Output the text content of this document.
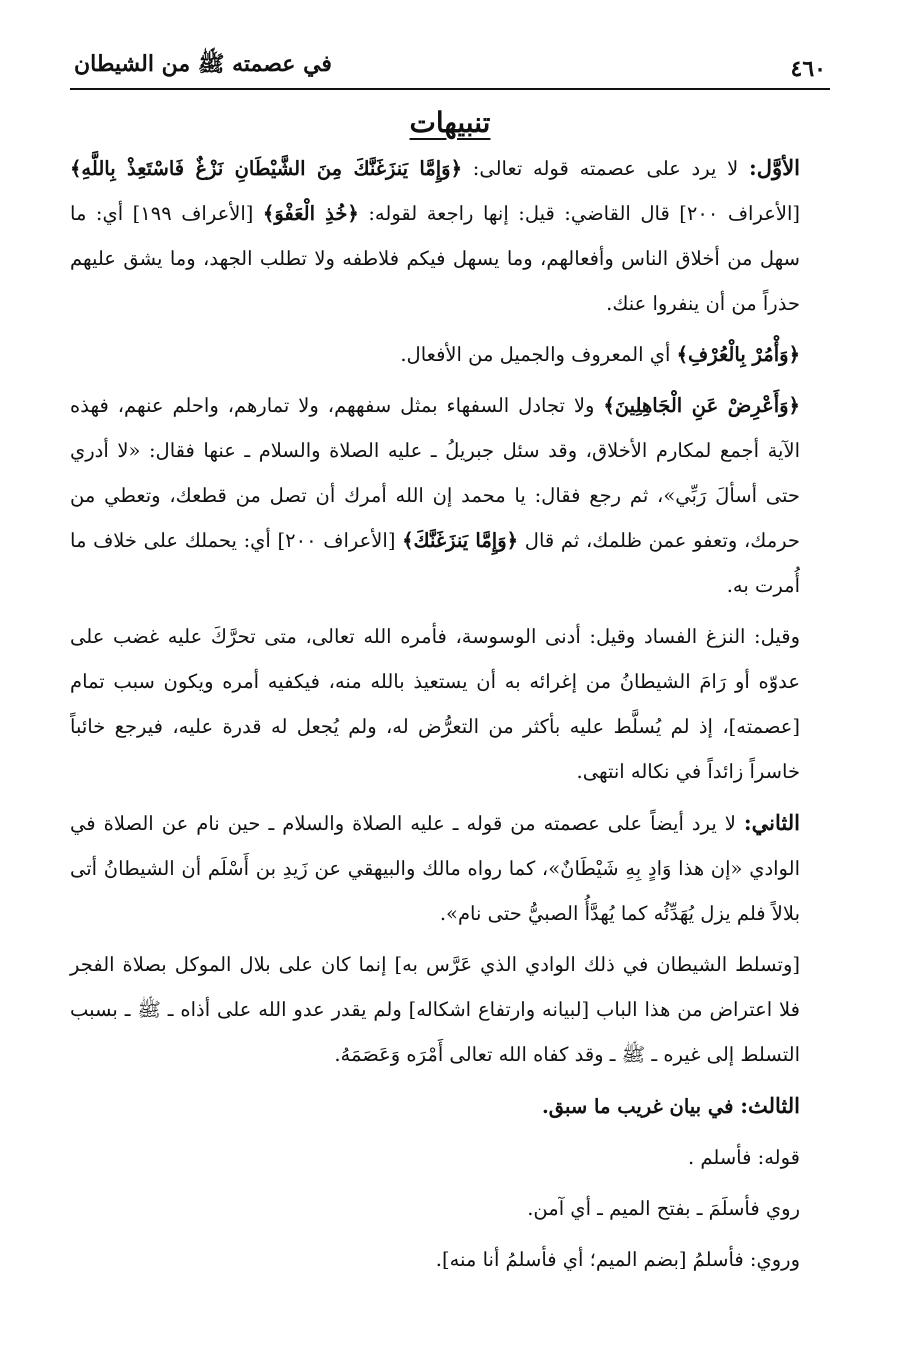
٤٦٠
في عصمته ﷺ من الشيطان
تنبيهات

الأوَّل: لا يرد على عصمته قوله تعالى: ﴿وَإِمَّا يَنزَغَنَّكَ مِنَ الشَّيْطَانِ نَزْغٌ فَاسْتَعِذْ بِاللَّهِ﴾ [الأعراف ٢٠٠] قال القاضي: قيل: إنها راجعة لقوله: ﴿خُذِ الْعَفْوَ﴾ [الأعراف ١٩٩] أي: ما سهل من أخلاق الناس وأفعالهم، وما يسهل فيكم فلاطفه ولا تطلب الجهد، وما يشق عليهم حذراً من أن ينفروا عنك.

﴿وَأْمُرْ بِالْعُرْفِ﴾ أي المعروف والجميل من الأفعال.

﴿وَأَعْرِضْ عَنِ الْجَاهِلِينَ﴾ ولا تجادل السفهاء بمثل سفههم، ولا تمارهم، واحلم عنهم، فهذه الآية أجمع لمكارم الأخلاق، وقد سئل جبريلُ ـ عليه الصلاة والسلام ـ عنها فقال: «لا أدري حتى أسألَ رَبِّي»، ثم رجع فقال: يا محمد إن الله أمرك أن تصل من قطعك، وتعطي من حرمك، وتعفو عمن ظلمك، ثم قال ﴿وَإِمَّا يَنزَغَنَّكَ﴾ [الأعراف ٢٠٠] أي: يحملك على خلاف ما أُمرت به.

وقيل: النزغ الفساد وقيل: أدنى الوسوسة، فأمره الله تعالى، متى تحرَّكَ عليه غضب على عدوّه أو رَامَ الشيطانُ من إغرائه به أن يستعيذ بالله منه، فيكفيه أمره ويكون سبب تمام [عصمته]، إذ لم يُسلَّط عليه بأكثر من التعرُّض له، ولم يُجعل له قدرة عليه، فيرجع خائباً خاسراً زائداً في نكاله انتهى.

الثاني: لا يرد أيضاً على عصمته من قوله ـ عليه الصلاة والسلام ـ حين نام عن الصلاة في الوادي «إن هذا وَادٍ بِهِ شَيْطَانٌ»، كما رواه مالك والبيهقي عن زَيدِ بن أَسْلَم أن الشيطانُ أتى بلالاً فلم يزل يُهَدِّئُه كما يُهدَّأُ الصبيُّ حتى نام».

[وتسلط الشيطان في ذلك الوادي الذي عَرَّس به] إنما كان على بلال الموكل بصلاة الفجر فلا اعتراض من هذا الباب [لبيانه وارتفاع اشكاله] ولم يقدر عدو الله على أذاه ـ ﷺ ـ بسبب التسلط إلى غيره ـ ﷺ ـ وقد كفاه الله تعالى أَمْرَه وَعَصَمَهُ.

الثالث: في بيان غريب ما سبق.

قوله: فأسلم .

روي فأسلَمَ ـ بفتح الميم ـ أي آمن.

وروي: فأسلمُ [بضم الميم؛ أي فأسلمُ أنا منه].
